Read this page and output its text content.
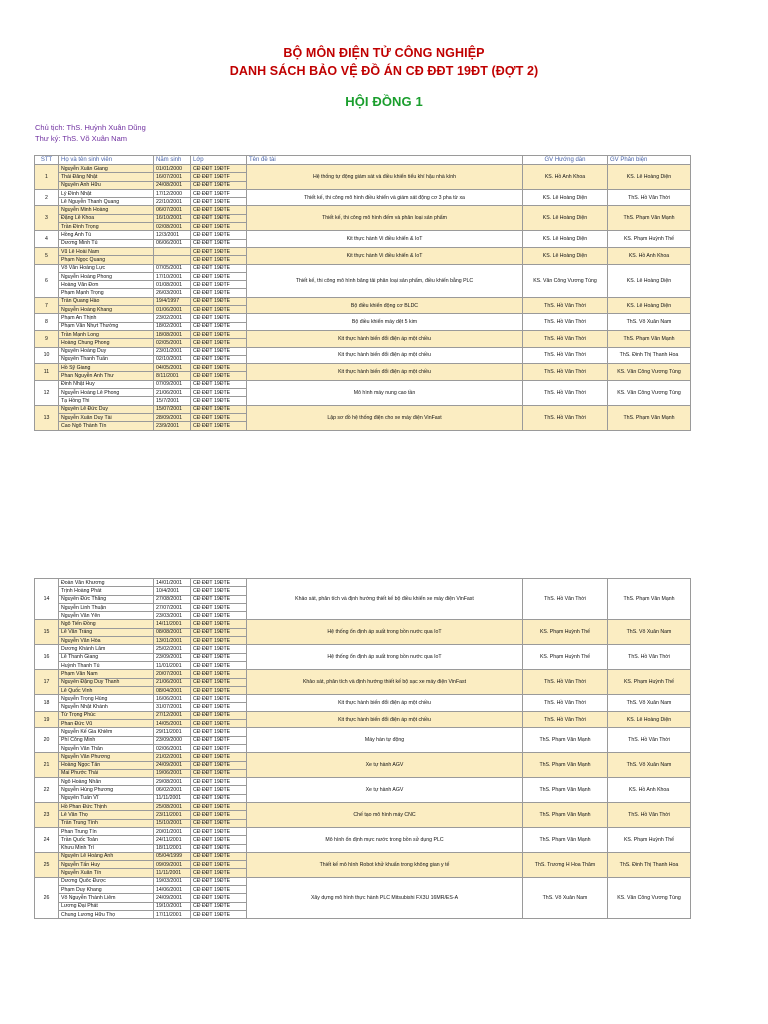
BỘ MÔN ĐIỆN TỬ CÔNG NGHIỆP
DANH SÁCH BẢO VỆ ĐỒ ÁN CĐ ĐĐT 19ĐT (ĐỢT 2)
HỘI ĐỒNG 1
Chủ tịch: ThS. Huỳnh Xuân Dũng
Thư ký: ThS. Võ Xuân Nam
STT	Họ và tên sinh viên	Năm sinh	Lớp	Tên đề tài	GV Hướng dẫn	GV Phản biện
1	Nguyễn Xuân Giang	01/01/2000	CĐ ĐĐT 19ĐTF	Hệ thống tự động giám sát và điều khiển tiểu khí hậu nhà kính	KS. Hồ Anh Khoa	KS. Lê Hoàng Diện
	Thái Đăng Nhật	16/07/2001	CĐ ĐĐT 19ĐTF			
	Nguyễn Anh Hữu	24/08/2001	CĐ ĐĐT 19ĐTE			
2	Lý Đình Nhật	17/12/2000	CĐ ĐĐT 19ĐTF	Thiết kế, thi công mô hình điều khiển và giám sát động cơ 3 pha từ xa	KS. Lê Hoàng Diện	ThS. Hồ Văn Thời
	Lê Nguyễn Thanh Quang	22/10/2001	CĐ ĐĐT 19ĐTE			
3	Nguyễn Minh Hoàng	06/07/2001	CĐ ĐĐT 19ĐTE	Thiết kế, thi công mô hình đếm và phân loại sản phẩm	KS. Lê Hoàng Diện	ThS. Phạm Văn Mạnh
	Đặng Lê Khoa	16/10/2001	CĐ ĐĐT 19ĐTE			
	Trần Đình Trọng	02/08/2001	CĐ ĐĐT 19ĐTE			
4	Hồng Anh Tú	12/3/2001	CĐ ĐĐT 19ĐTE	Kit thực hành Vi điều khiển & IoT	KS. Lê Hoàng Diện	KS. Phạm Huỳnh Thế
	Dương Minh Tú	06/06/2001	CĐ ĐĐT 19ĐTE			
5	Vũ Lê Hoài Nam		CĐ ĐĐT 19ĐTE	Kit thực hành Vi điều khiển & IoT	KS. Lê Hoàng Diện	KS. Hồ Anh Khoa
	Phạm Ngọc Quang		CĐ ĐĐT 19ĐTE			
6	Võ Văn Hoàng Lực	07/05/2001	CĐ ĐĐT 19ĐTE	Thiết kế, thi công mô hình băng tải phân loại sản phẩm, điều khiển bằng PLC	KS. Văn Công Vương Tùng	KS. Lê Hoàng Diện
	Nguyễn Hoàng Phong	17/10/2001	CĐ ĐĐT 19ĐTE			
	Hoàng Văn Đơn	01/08/2001	CĐ ĐĐT 19ĐTF			
	Phạm Mạnh Trọng	26/03/2001	CĐ ĐĐT 19ĐTE			
7	Trần Quang Hào	19/4/1997	CĐ ĐĐT 19ĐTE	Bộ điều khiển động cơ BLDC	ThS. Hồ Văn Thời	KS. Lê Hoàng Diện
	Nguyễn Hoàng Khang	01/06/2001	CĐ ĐĐT 19ĐTE			
8	Phạm An Thịnh	23/02/2001	CĐ ĐĐT 19ĐTE	Bộ điều khiển máy dệt 5 kim	ThS. Hồ Văn Thời	ThS. Võ Xuân Nam
	Phạm Văn Nhựt Thường	18/02/2001	CĐ ĐĐT 19ĐTE			
9	Trần Mạnh Long	18/08/2001	CĐ ĐĐT 19ĐTE	Kit thực hành biến đổi điện áp một chiều	ThS. Hồ Văn Thời	ThS. Phạm Văn Mạnh
	Hoàng Chung Phong	02/05/2001	CĐ ĐĐT 19ĐTE			
10	Nguyễn Hoàng Duy	23/01/2001	CĐ ĐĐT 19ĐTE	Kit thực hành biến đổi điện áp một chiều	ThS. Hồ Văn Thời	ThS. Đinh Thị Thanh Hoa
	Nguyễn Thanh Tuấn	02/10/2001	CĐ ĐĐT 19ĐTE			
11	Hồ Sỹ Giang	04/05/2001	CĐ ĐĐT 19ĐTE	Kit thực hành biến đổi điện áp một chiều	ThS. Hồ Văn Thời	KS. Văn Công Vương Tùng
	Phan Nguyễn Anh Thư	8/11/2001	CĐ ĐĐT 19ĐTE			
12	Đinh Nhật Huy	07/09/2001	CĐ ĐĐT 19ĐTE	Mô hình máy nung cao tần	ThS. Hồ Văn Thời	KS. Văn Công Vương Tùng
	Nguyễn Hoàng Lê Phong	21/06/2001	CĐ ĐĐT 19ĐTE			
	Tạ Hồng Thi	15/7/2001	CĐ ĐĐT 19ĐTE			
13	Nguyễn Lê Đức Duy	15/07/2001	CĐ ĐĐT 19ĐTE	Lập sơ đồ hệ thống điện cho xe máy điện VinFast	ThS. Hồ Văn Thời	ThS. Phạm Văn Mạnh
	Nguyễn Xuân Duy Tài	28/09/2001	CĐ ĐĐT 19ĐTE			
	Cao Ngô Thành Tín	23/9/2001	CĐ ĐĐT 19ĐTE			
14	Đoàn Văn Khương	14/01/2001	CĐ ĐĐT 19ĐTE	Khảo sát, phân tích và định hướng thiết kế bộ điều khiển xe máy điện VinFast	ThS. Hồ Văn Thời	ThS. Phạm Văn Mạnh
	Trịnh Hoàng Phát	10/4/2001	CĐ ĐĐT 19ĐTE			
	Nguyễn Đức Thắng	27/08/2001	CĐ ĐĐT 19ĐTE			
	Nguyễn Linh Thuận	27/07/2001	CĐ ĐĐT 19ĐTE			
	Nguyễn Văn Yên	23/03/2001	CĐ ĐĐT 19ĐTE			
15	Ngô Tiến Đồng	14/11/2001	CĐ ĐĐT 19ĐTE	Hệ thống ổn định áp suất trong bồn nước qua IoT	KS. Phạm Huỳnh Thế	ThS. Võ Xuân Nam
	Lê Văn Tráng	08/08/2001	CĐ ĐĐT 19ĐTE			
	Nguyễn Văn Hòa	13/01/2001	CĐ ĐĐT 19ĐTE			
16	Dương Khánh Lâm	25/02/2001	CĐ ĐĐT 19ĐTE	Hệ thống ổn định áp suất trong bồn nước qua IoT	KS. Phạm Huỳnh Thế	ThS. Hồ Văn Thời
	Lê Thanh Giang	23/09/2001	CĐ ĐĐT 19ĐTE			
	Huỳnh Thanh Tú	11/01/2001	CĐ ĐĐT 19ĐTE			
17	Phạm Văn Nam	20/07/2001	CĐ ĐĐT 19ĐTE	Khảo sát, phân tích và định hướng thiết kế bộ sạc xe máy điện VinFast	ThS. Hồ Văn Thời	KS. Phạm Huỳnh Thế
	Nguyễn Đặng Duy Thanh	21/06/2001	CĐ ĐĐT 19ĐTE			
	Lê Quốc Vinh	08/04/2001	CĐ ĐĐT 19ĐTE			
18	Nguyễn Trọng Hùng	16/06/2001	CĐ ĐĐT 19ĐTE	Kit thực hành biến đổi điện áp một chiều	ThS. Hồ Văn Thời	ThS. Võ Xuân Nam
	Nguyễn Nhật Khánh	31/07/2001	CĐ ĐĐT 19ĐTE			
19	Từ Trọng Phúc	27/12/2001	CĐ ĐĐT 19ĐTE	Kit thực hành biến đổi điện áp một chiều	ThS. Hồ Văn Thời	KS. Lê Hoàng Diện
	Phan Đức Vũ	14/05/2001	CĐ ĐĐT 19ĐTE			
20	Nguyễn Kế Gia Khiêm	29/11/2001	CĐ ĐĐT 19ĐTE	Máy hàn tự động	ThS. Phạm Văn Mạnh	ThS. Hồ Văn Thời
	Phí Công Minh	23/09/2000	CĐ ĐĐT 19ĐTF			
	Nguyễn Văn Thân	02/06/2001	CĐ ĐĐT 19ĐTF			
21	Nguyễn Văn Phương	21/02/2001	CĐ ĐĐT 19ĐTE	Xe tự hành AGV	ThS. Phạm Văn Mạnh	ThS. Võ Xuân Nam
	Hoàng Ngọc Tấn	24/09/2001	CĐ ĐĐT 19ĐTE			
	Mai Phước Thái	19/06/2001	CĐ ĐĐT 19ĐTE			
22	Ngô Hoàng Nhân	29/08/2001	CĐ ĐĐT 19ĐTE	Xe tự hành AGV	ThS. Phạm Văn Mạnh	KS. Hồ Anh Khoa
	Nguyễn Hùng Phương	06/02/2001	CĐ ĐĐT 19ĐTE			
	Nguyễn Tuấn Vĩ	11/11/2001	CĐ ĐĐT 19ĐTE			
23	Hồ Phan Đức Thịnh	25/08/2001	CĐ ĐĐT 19ĐTE	Chế tạo mô hình máy CNC	ThS. Phạm Văn Mạnh	ThS. Hồ Văn Thời
	Lê Văn Thọ	23/11/2001	CĐ ĐĐT 19ĐTE			
	Trần Trung Tính	15/10/2001	CĐ ĐĐT 19ĐTE			
24	Phan Trung Tín	20/01/2001	CĐ ĐĐT 19ĐTE	Mô hình ổn định mực nước trong bồn sử dụng PLC	ThS. Phạm Văn Mạnh	KS. Phạm Huỳnh Thế
	Trần Quốc Toản	24/11/2001	CĐ ĐĐT 19ĐTE			
	Khưu Minh Trí	18/11/2001	CĐ ĐĐT 19ĐTE			
25	Nguyễn Lê Hoàng Anh	05/04/1999	CĐ ĐĐT 19ĐTE	Thiết kế mô hình Robot khử khuẩn trong không gian y tế	ThS. Trương H Hoa Thâm	ThS. Đinh Thị Thanh Hoa
	Nguyễn Tấn Huy	09/09/2001	CĐ ĐĐT 19ĐTE			
	Nguyễn Xuân Tín	11/11/2001	CĐ ĐĐT 19ĐTE			
26	Dương Quốc Được	19/03/2001	CĐ ĐĐT 19ĐTE	Xây dựng mô hình thực hành PLC Mitsubishi FX3U 16MR/ES-A	ThS. Võ Xuân Nam	KS. Văn Công Vương Tùng
	Phạm Duy Khang	14/06/2001	CĐ ĐĐT 19ĐTE			
	Võ Nguyễn Thành Liêm	24/09/2001	CĐ ĐĐT 19ĐTE			
	Lương Đại Phát	19/10/2001	CĐ ĐĐT 19ĐTE			
	Chung Lương Hữu Thọ	17/11/2001	CĐ ĐĐT 19ĐTE			
